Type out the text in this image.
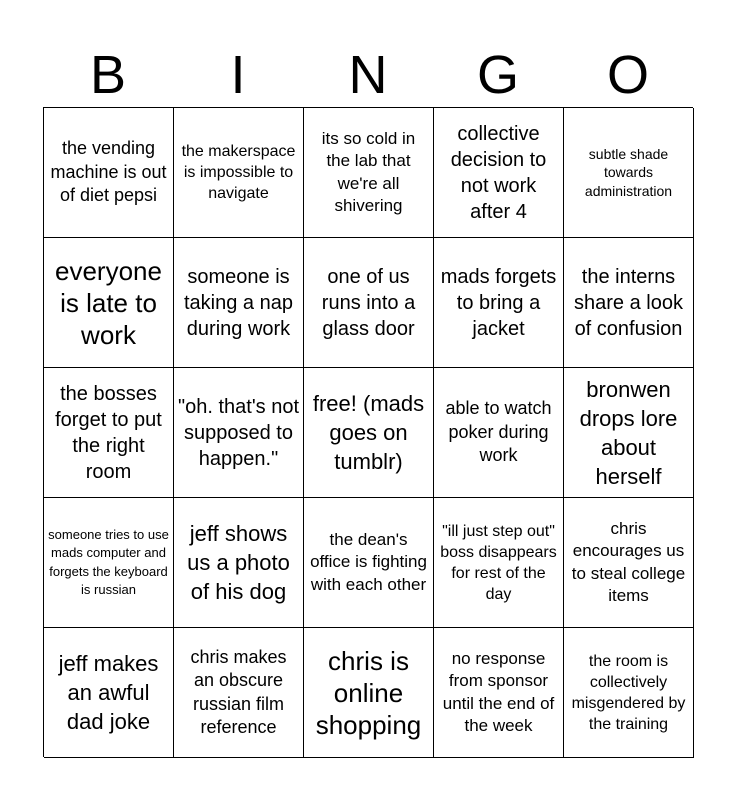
B	I	N	G	O
the vending machine is out of diet pepsi
the makerspace is impossible to navigate
its so cold in the lab that we're all shivering
collective decision to not work after 4
subtle shade towards administration
everyone is late to work
someone is taking a nap during work
one of us runs into a glass door
mads forgets to bring a jacket
the interns share a look of confusion
the bosses forget to put the right room
"oh. that's not supposed to happen."
free! (mads goes on tumblr)
able to watch poker during work
bronwen drops lore about herself
someone tries to use mads computer and forgets the keyboard is russian
jeff shows us a photo of his dog
the dean's office is fighting with each other
"ill just step out" boss disappears for rest of the day
chris encourages us to steal college items
jeff makes an awful dad joke
chris makes an obscure russian film reference
chris is online shopping
no response from sponsor until the end of the week
the room is collectively misgendered by the training
